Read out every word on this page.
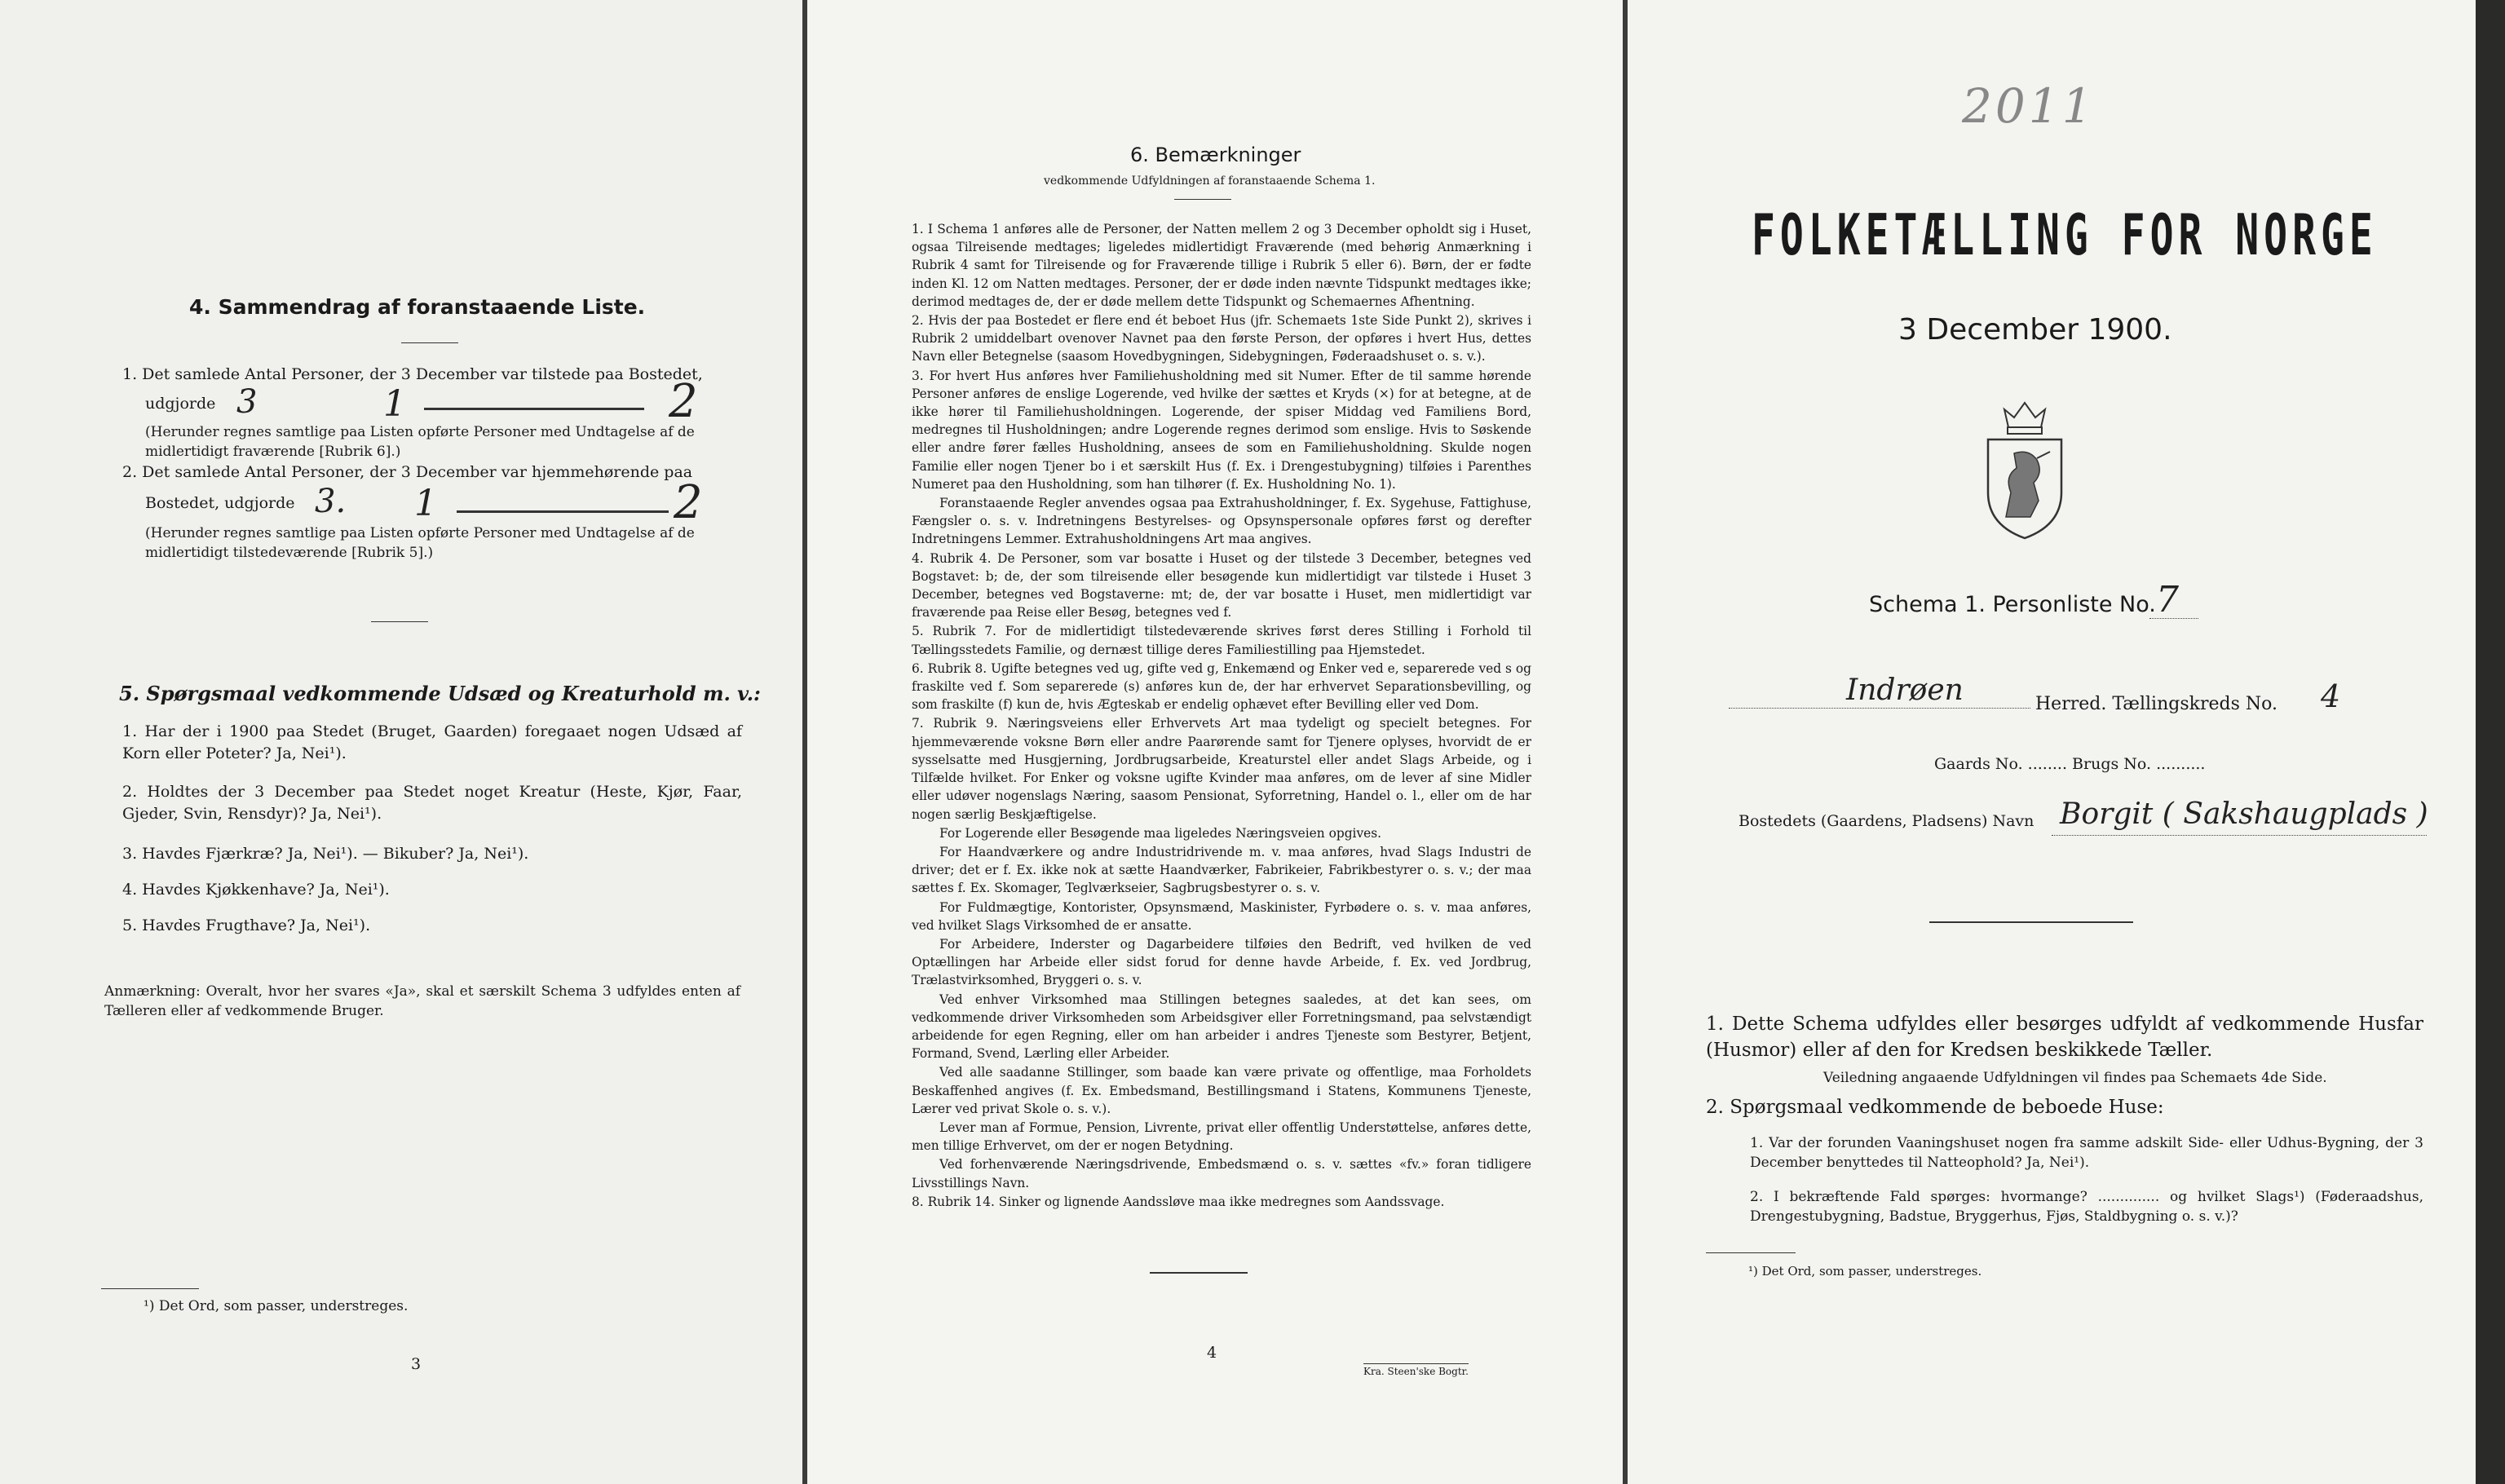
4. Sammendrag af foranstaaende Liste.
1. Det samlede Antal Personer, der 3 December var tilstede paa Bostedet,
udgjorde 3	1	2
(Herunder regnes samtlige paa Listen opførte Personer med Undtagelse af de midlertidigt fraværende [Rubrik 6].)
2. Det samlede Antal Personer, der 3 December var hjemmehørende paa
Bostedet, udgjorde 3. 1	2
(Herunder regnes samtlige paa Listen opførte Personer med Undtagelse af de midlertidigt tilstedeværende [Rubrik 5].)
5. Spørgsmaal vedkommende Udsæd og Kreaturhold m. v.:
1. Har der i 1900 paa Stedet (Bruget, Gaarden) foregaaet nogen Udsæd af Korn eller Poteter? Ja, Nei¹).
2. Holdtes der 3 December paa Stedet noget Kreatur (Heste, Kjør, Faar, Gjeder, Svin, Rensdyr)? Ja, Nei¹).
3. Havdes Fjærkræ? Ja, Nei¹). — Bikuber? Ja, Nei¹).
4. Havdes Kjøkkenhave? Ja, Nei¹).
5. Havdes Frugthave? Ja, Nei¹).
Anmærkning: Overalt, hvor her svares «Ja», skal et særskilt Schema 3 udfyldes enten af Tælleren eller af vedkommende Bruger.
¹) Det Ord, som passer, understreges.
3
6. Bemærkninger
vedkommende Udfyldningen af foranstaaende Schema 1.
1. I Schema 1 anføres alle de Personer, der Natten mellem 2 og 3 December opholdt sig i Huset, ogsaa Tilreisende medtages; ligeledes midlertidigt Fraværende (med behørig Anmærkning i Rubrik 4 samt for Tilreisende og for Fraværende tillige i Rubrik 5 eller 6). Børn, der er fødte inden Kl. 12 om Natten medtages. Personer, der er døde inden nævnte Tidspunkt medtages ikke; derimod medtages de, der er døde mellem dette Tidspunkt og Schemaernes Afhentning.
2. Hvis der paa Bostedet er flere end ét beboet Hus (jfr. Schemaets 1ste Side Punkt 2), skrives i Rubrik 2 umiddelbart ovenover Navnet paa den første Person, der opføres i hvert Hus, dettes Navn eller Betegnelse (saasom Hovedbygningen, Sidebygningen, Føderaadshuset o. s. v.).
3. For hvert Hus anføres hver Familiehusholdning med sit Numer. Efter de til samme hørende Personer anføres de enslige Logerende, ved hvilke der sættes et Kryds (×) for at betegne, at de ikke hører til Familiehusholdningen. Logerende, der spiser Middag ved Familiens Bord, medregnes til Husholdningen; andre Logerende regnes derimod som enslige. Hvis to Søskende eller andre fører fælles Husholdning, ansees de som en Familiehusholdning. Skulde nogen Familie eller nogen Tjener bo i et særskilt Hus (f. Ex. i Drengestubygning) tilføies i Parenthes Numeret paa den Husholdning, som han tilhører (f. Ex. Husholdning No. 1).
Foranstaaende Regler anvendes ogsaa paa Extrahusholdninger, f. Ex. Sygehuse, Fattighuse, Fængsler o. s. v. Indretningens Bestyrelses- og Opsynspersonale opføres først og derefter Indretningens Lemmer. Extrahusholdningens Art maa angives.
4. Rubrik 4. De Personer, som var bosatte i Huset og der tilstede 3 December, betegnes ved Bogstavet: b; de, der som tilreisende eller besøgende kun midlertidigt var tilstede i Huset 3 December, betegnes ved Bogstaverne: mt; de, der var bosatte i Huset, men midlertidigt var fraværende paa Reise eller Besøg, betegnes ved f.
5. Rubrik 7. For de midlertidigt tilstedeværende skrives først deres Stilling i Forhold til Tællingsstedets Familie, og dernæst tillige deres Familiestilling paa Hjemstedet.
6. Rubrik 8. Ugifte betegnes ved ug, gifte ved g, Enkemænd og Enker ved e, separerede ved s og fraskilte ved f. Som separerede (s) anføres kun de, der har erhvervet Separationsbevilling, og som fraskilte (f) kun de, hvis Ægteskab er endelig ophævet efter Bevilling eller ved Dom.
7. Rubrik 9. Næringsveiens eller Erhvervets Art maa tydeligt og specielt betegnes. For hjemmeværende voksne Børn eller andre Paarørende samt for Tjenere oplyses, hvorvidt de er sysselsatte med Husgjerning, Jordbrugsarbeide, Kreaturstel eller andet Slags Arbeide, og i Tilfælde hvilket. For Enker og voksne ugifte Kvinder maa anføres, om de lever af sine Midler eller udøver nogenslags Næring, saasom Pensionat, Syforretning, Handel o. l., eller om de har nogen særlig Beskjæftigelse.
For Logerende eller Besøgende maa ligeledes Næringsveien opgives.
For Haandværkere og andre Industridrivende m. v. maa anføres, hvad Slags Industri de driver; det er f. Ex. ikke nok at sætte Haandværker, Fabrikeier, Fabrikbestyrer o. s. v.; der maa sættes f. Ex. Skomager, Teglværkseier, Sagbrugsbestyrer o. s. v.
For Fuldmægtige, Kontorister, Opsynsmænd, Maskinister, Fyrbødere o. s. v. maa anføres, ved hvilket Slags Virksomhed de er ansatte.
For Arbeidere, Inderster og Dagarbeidere tilføies den Bedrift, ved hvilken de ved Optællingen har Arbeide eller sidst forud for denne havde Arbeide, f. Ex. ved Jordbrug, Trælastvirksomhed, Bryggeri o. s. v.
Ved enhver Virksomhed maa Stillingen betegnes saaledes, at det kan sees, om vedkommende driver Virksomheden som Arbeidsgiver eller Forretningsmand, paa selvstændigt arbeidende for egen Regning, eller om han arbeider i andres Tjeneste som Bestyrer, Betjent, Formand, Svend, Lærling eller Arbeider.
Ved alle saadanne Stillinger, som baade kan være private og offentlige, maa Forholdets Beskaffenhed angives (f. Ex. Embedsmand, Bestillingsmand i Statens, Kommunens Tjeneste, Lærer ved privat Skole o. s. v.).
Lever man af Formue, Pension, Livrente, privat eller offentlig Understøttelse, anføres dette, men tillige Erhvervet, om der er nogen Betydning.
Ved forhenværende Næringsdrivende, Embedsmænd o. s. v. sættes «fv.» foran tidligere Livsstillings Navn.
8. Rubrik 14. Sinker og lignende Aandssløve maa ikke medregnes som Aandssvage.
4
Kra. Steen'ske Bogtr.
2011
FOLKETÆLLING FOR NORGE
3 December 1900.
Schema 1. Personliste No. 7
Indrøen	Herred. Tællingskreds No. 4
Gaards No. ........ Brugs No. ..........
Bostedets (Gaardens, Pladsens) Navn Borgit ( Sakshaugplads )
1. Dette Schema udfyldes eller besørges udfyldt af vedkommende Husfar (Husmor) eller af den for Kredsen beskikkede Tæller.
Veiledning angaaende Udfyldningen vil findes paa Schemaets 4de Side.
2. Spørgsmaal vedkommende de beboede Huse:
1. Var der forunden Vaaningshuset nogen fra samme adskilt Side- eller Udhus-Bygning, der 3 December benyttedes til Natteophold? Ja, Nei¹).
2. I bekræftende Fald spørges: hvormange? .............. og hvilket Slags¹) (Føderaadshus, Drengestubygning, Badstue, Bryggerhus, Fjøs, Staldbygning o. s. v.)?
¹) Det Ord, som passer, understreges.
